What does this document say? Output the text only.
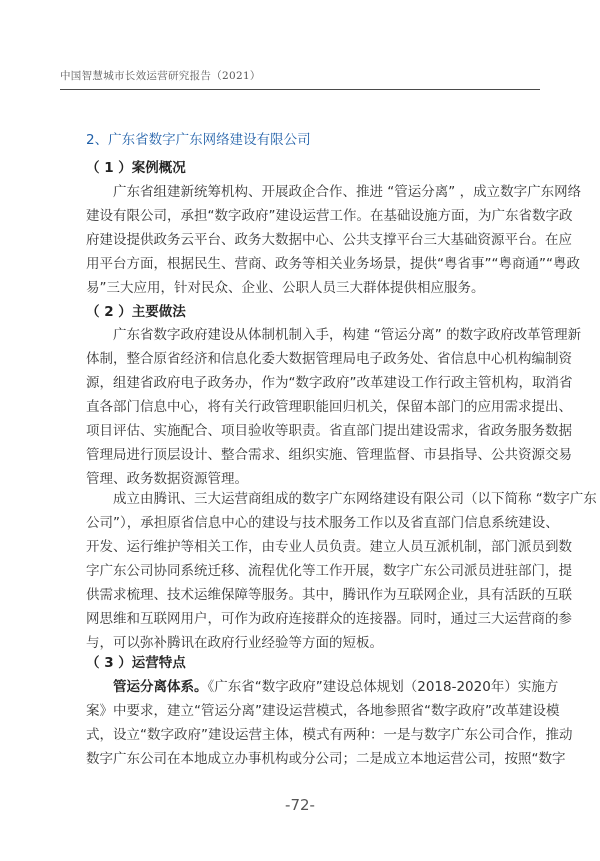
中国智慧城市长效运营研究报告（2021）
2、广东省数字广东网络建设有限公司
（ 1 ）案例概况
广东省组建新统筹机构、开展政企合作、推进 “管运分离” ，成立数字广东网络
建设有限公司，承担“数字政府”建设运营工作。在基础设施方面，为广东省数字政
府建设提供政务云平台、政务大数据中心、公共支撑平台三大基础资源平台。在应
用平台方面，根据民生、营商、政务等相关业务场景，提供“粤省事”“粤商通”“粤政
易”三大应用，针对民众、企业、公职人员三大群体提供相应服务。
（ 2 ）主要做法
广东省数字政府建设从体制机制入手，构建 “管运分离” 的数字政府改革管理新
体制，整合原省经济和信息化委大数据管理局电子政务处、省信息中心机构编制资
源，组建省政府电子政务办，作为“数字政府”改革建设工作行政主管机构，取消省
直各部门信息中心，将有关行政管理职能回归机关，保留本部门的应用需求提出、
项目评估、实施配合、项目验收等职责。省直部门提出建设需求，省政务服务数据
管理局进行顶层设计、整合需求、组织实施、管理监督、市县指导、公共资源交易
管理、政务数据资源管理。
成立由腾讯、三大运营商组成的数字广东网络建设有限公司（以下简称 “数字广东
公司”），承担原省信息中心的建设与技术服务工作以及省直部门信息系统建设、
开发、运行维护等相关工作，由专业人员负责。建立人员互派机制，部门派员到数
字广东公司协同系统迁移、流程优化等工作开展，数字广东公司派员进驻部门，提
供需求梳理、技术运维保障等服务。其中，腾讯作为互联网企业，具有活跃的互联
网思维和互联网用户，可作为政府连接群众的连接器。同时，通过三大运营商的参
与，可以弥补腾讯在政府行业经验等方面的短板。
（ 3 ）运营特点
管运分离体系。《广东省“数字政府”建设总体规划（2018-2020年）实施方
案》中要求，建立“管运分离”建设运营模式，各地参照省“数字政府”改革建设模
式，设立“数字政府”建设运营主体，模式有两种：一是与数字广东公司合作，推动
数字广东公司在本地成立办事机构或分公司；二是成立本地运营公司，按照“数字
-72-
